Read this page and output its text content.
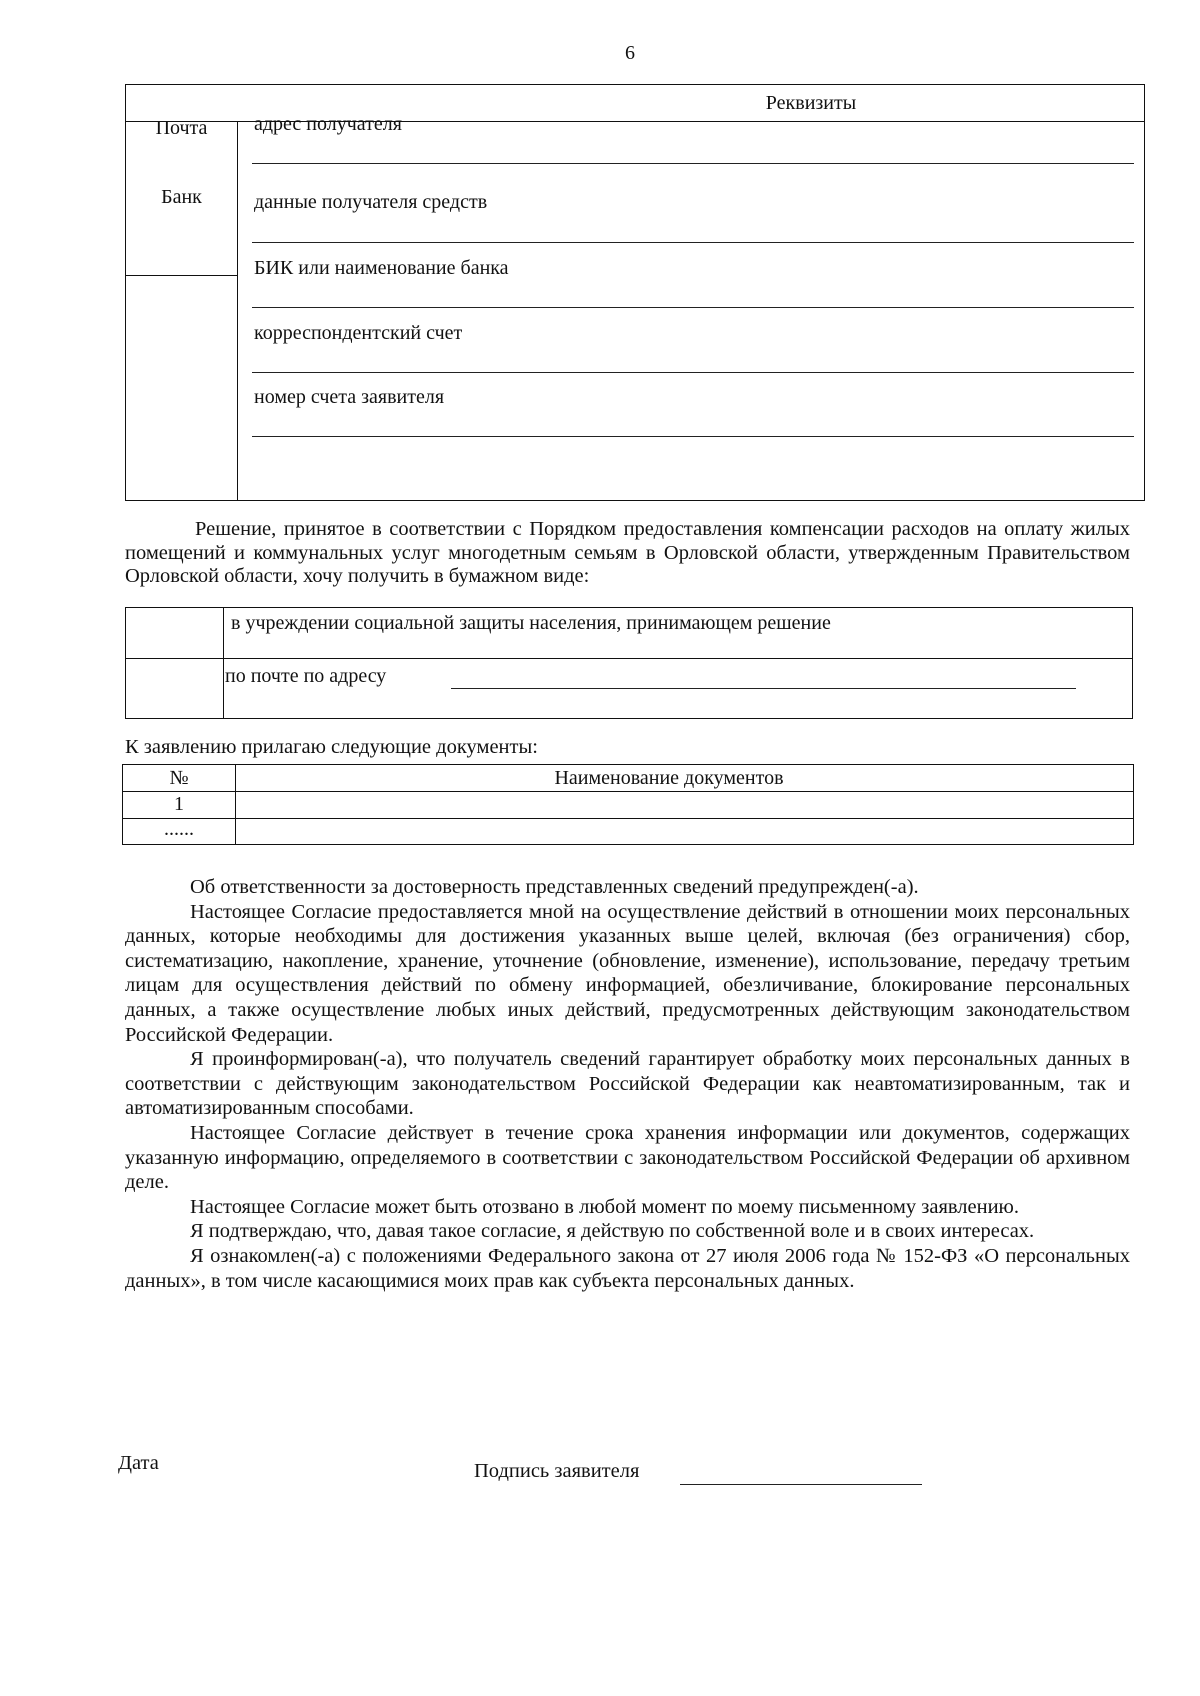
6
Реквизиты
Почта	адрес получателя
Банк	данные получателя средств
БИК или наименование банка
корреспондентский счет
номер счета заявителя

Решение, принятое в соответствии с Порядком предоставления компенсации расходов на оплату жилых помещений и коммунальных услуг многодетным семьям в Орловской области, утвержденным Правительством Орловской области, хочу получить в бумажном виде:

в учреждении социальной защиты населения, принимающем решение
по почте по адресу
К заявлению прилагаю следующие документы:
№	Наименование документов
1
......

Об ответственности за достоверность представленных сведений предупрежден(-а).

Настоящее Согласие предоставляется мной на осуществление действий в отношении моих персональных данных, которые необходимы для достижения указанных выше целей, включая (без ограничения) сбор, систематизацию, накопление, хранение, уточнение (обновление, изменение), использование, передачу третьим лицам для осуществления действий по обмену информацией, обезличивание, блокирование персональных данных, а также осуществление любых иных действий, предусмотренных действующим законодательством Российской Федерации.

Я проинформирован(-а), что получатель сведений гарантирует обработку моих персональных данных в соответствии с действующим законодательством Российской Федерации как неавтоматизированным, так и автоматизированным способами.

Настоящее Согласие действует в течение срока хранения информации или документов, содержащих указанную информацию, определяемого в соответствии с законодательством Российской Федерации об архивном деле.

Настоящее Согласие может быть отозвано в любой момент по моему письменному заявлению.

Я подтверждаю, что, давая такое согласие, я действую по собственной воле и в своих интересах.

Я ознакомлен(-а) с положениями Федерального закона от 27 июля 2006 года № 152-ФЗ «О персональных данных», в том числе касающимися моих прав как субъекта персональных данных.

Дата	Подпись заявителя
